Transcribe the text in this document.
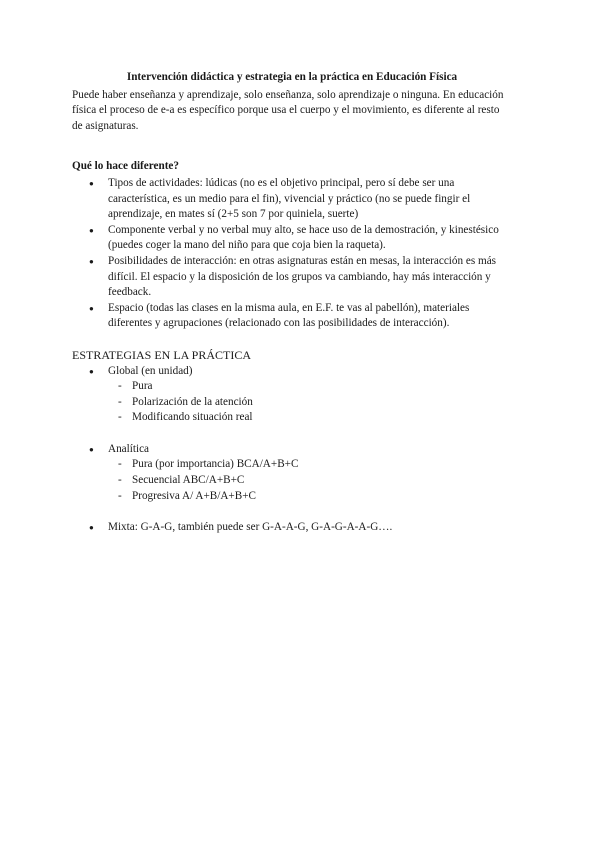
Intervención didáctica y estrategia en la práctica en Educación Física

Puede haber enseñanza y aprendizaje, solo enseñanza, solo aprendizaje o ninguna. En educación física el proceso de e-a es específico porque usa el cuerpo y el movimiento, es diferente al resto de asignaturas.

Qué lo hace diferente?

● Tipos de actividades: lúdicas (no es el objetivo principal, pero sí debe ser una característica, es un medio para el fin), vivencial y práctico (no se puede fingir el aprendizaje, en mates sí (2+5 son 7 por quiniela, suerte)
● Componente verbal y no verbal muy alto, se hace uso de la demostración, y kinestésico (puedes coger la mano del niño para que coja bien la raqueta).
● Posibilidades de interacción: en otras asignaturas están en mesas, la interacción es más difícil. El espacio y la disposición de los grupos va cambiando, hay más interacción y feedback.
● Espacio (todas las clases en la misma aula, en E.F. te vas al pabellón), materiales diferentes y agrupaciones (relacionado con las posibilidades de interacción).

ESTRATEGIAS EN LA PRÁCTICA

● Global (en unidad)
- Pura
- Polarización de la atención
- Modificando situación real
● Analítica
- Pura (por importancia) BCA/A+B+C
- Secuencial ABC/A+B+C
- Progresiva A/ A+B/A+B+C
● Mixta: G-A-G, también puede ser G-A-A-G, G-A-G-A-A-G….
